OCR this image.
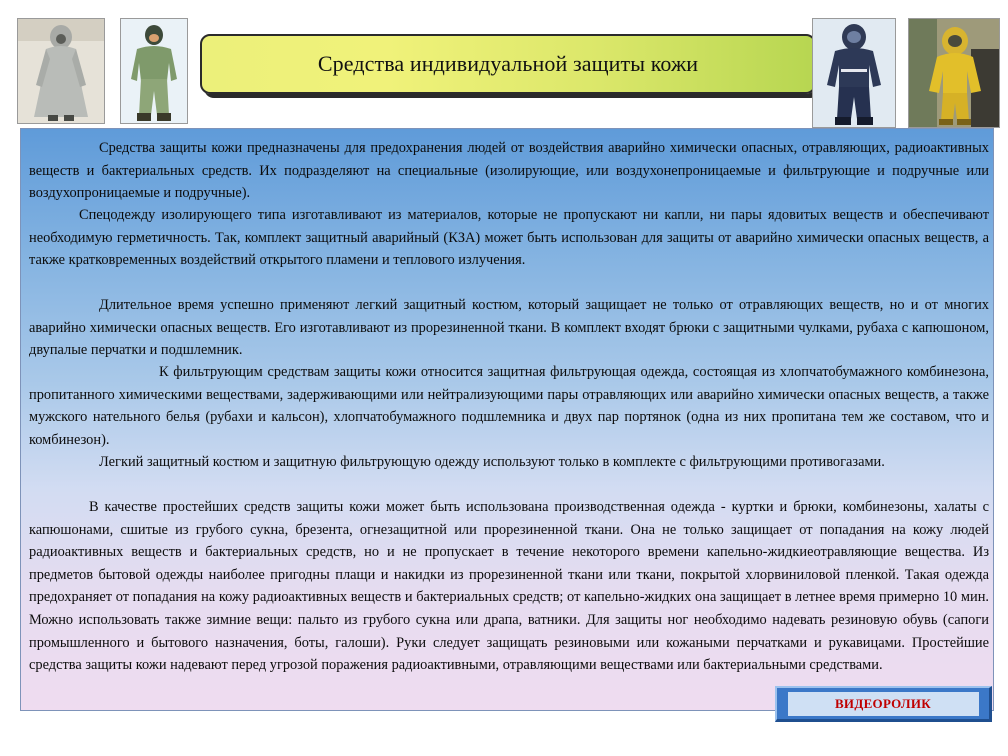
Средства индивидуальной защиты кожи

Средства защиты кожи предназначены для предохранения людей от воздействия аварийно химически опасных, отравляющих, радиоактивных веществ и бактериальных средств. Их подразделяют на специальные (изолирующие, или воздухонепроницаемые и фильтрующие и подручные или воздухопроницаемые и подручные).

Спецодежду изолирующего типа изготавливают из материалов, которые не пропускают ни капли, ни пары ядовитых веществ и обеспечивают необходимую герметичность. Так, комплект защитный аварийный (КЗА) может быть использован для защиты от аварийно химически опасных веществ, а также кратковременных воздействий открытого пламени и теплового излучения.

Длительное время успешно применяют легкий защитный костюм, который защищает не только от отравляющих веществ, но и от многих аварийно химически опасных веществ. Его изготавливают из прорезиненной ткани. В комплект входят брюки с защитными чулками, рубаха с капюшоном, двупалые перчатки и подшлемник.

К фильтрующим средствам защиты кожи относится защитная фильтрующая одежда, состоящая из хлопчатобумажного комбинезона, пропитанного химическими веществами, задерживающими или нейтрализующими пары отравляющих или аварийно химически опасных веществ, а также мужского нательного белья (рубахи и кальсон), хлопчатобумажного подшлемника и двух пар портянок (одна из них пропитана тем же составом, что и комбинезон).

Легкий защитный костюм и защитную фильтрующую одежду используют только в комплекте с фильтрующими противогазами.

В качестве простейших средств защиты кожи может быть использована производственная одежда - куртки и брюки, комбинезоны, халаты с капюшонами, сшитые из грубого сукна, брезента, огнезащитной или прорезиненной ткани. Она не только защищает от попадания на кожу людей радиоактивных веществ и бактериальных средств, но и не пропускает в течение некоторого времени капельно-жидкиеотравляющие вещества. Из предметов бытовой одежды наиболее пригодны плащи и накидки из прорезиненной ткани или ткани, покрытой хлорвиниловой пленкой. Такая одежда предохраняет от попадания на кожу радиоактивных веществ и бактериальных средств; от капельно-жидких она защищает в летнее время примерно 10 мин. Можно использовать также зимние вещи: пальто из грубого сукна или драпа, ватники. Для защиты ног необходимо надевать резиновую обувь (сапоги промышленного и бытового назначения, боты, галоши). Руки следует защищать резиновыми или кожаными перчатками и рукавицами. Простейшие средства защиты кожи надевают перед угрозой поражения радиоактивными, отравляющими веществами или бактериальными средствами.

ВИДЕОРОЛИК
